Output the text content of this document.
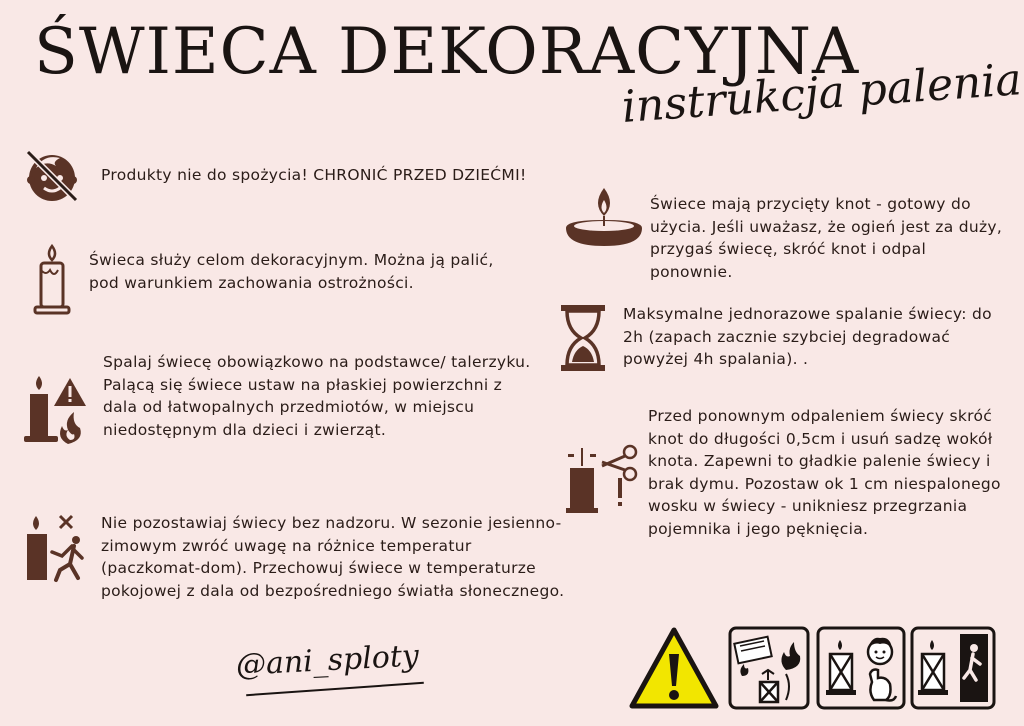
ŚWIECA DEKORACYJNA
instrukcja palenia
Produkty nie do spożycia! CHRONIĆ PRZED DZIEĆMI!
Świeca służy celom dekoracyjnym. Można ją palić, pod warunkiem zachowania ostrożności.
Spalaj świecę obowiązkowo na podstawce/ talerzyku. Palącą się świece ustaw na płaskiej powierzchni z dala od łatwopalnych przedmiotów, w miejscu niedostępnym dla dzieci i zwierząt.
Nie pozostawiaj świecy bez nadzoru. W sezonie jesienno-zimowym zwróć uwagę na różnice temperatur (paczkomat-dom). Przechowuj świece w temperaturze pokojowej z dala od bezpośredniego światła słonecznego.
Świece mają przycięty knot - gotowy do użycia. Jeśli uważasz, że ogień jest za duży, przygaś świecę, skróć knot i odpal ponownie.
Maksymalne jednorazowe spalanie świecy: do 2h (zapach zacznie szybciej degradować powyżej 4h spalania). .
Przed ponownym odpaleniem świecy skróć knot do długości 0,5cm i usuń sadzę wokół knota. Zapewni to gładkie palenie świecy i brak dymu. Pozostaw ok 1 cm niespalonego wosku w świecy - unikniesz przegrzania pojemnika i jego pęknięcia.
@ani_sploty
